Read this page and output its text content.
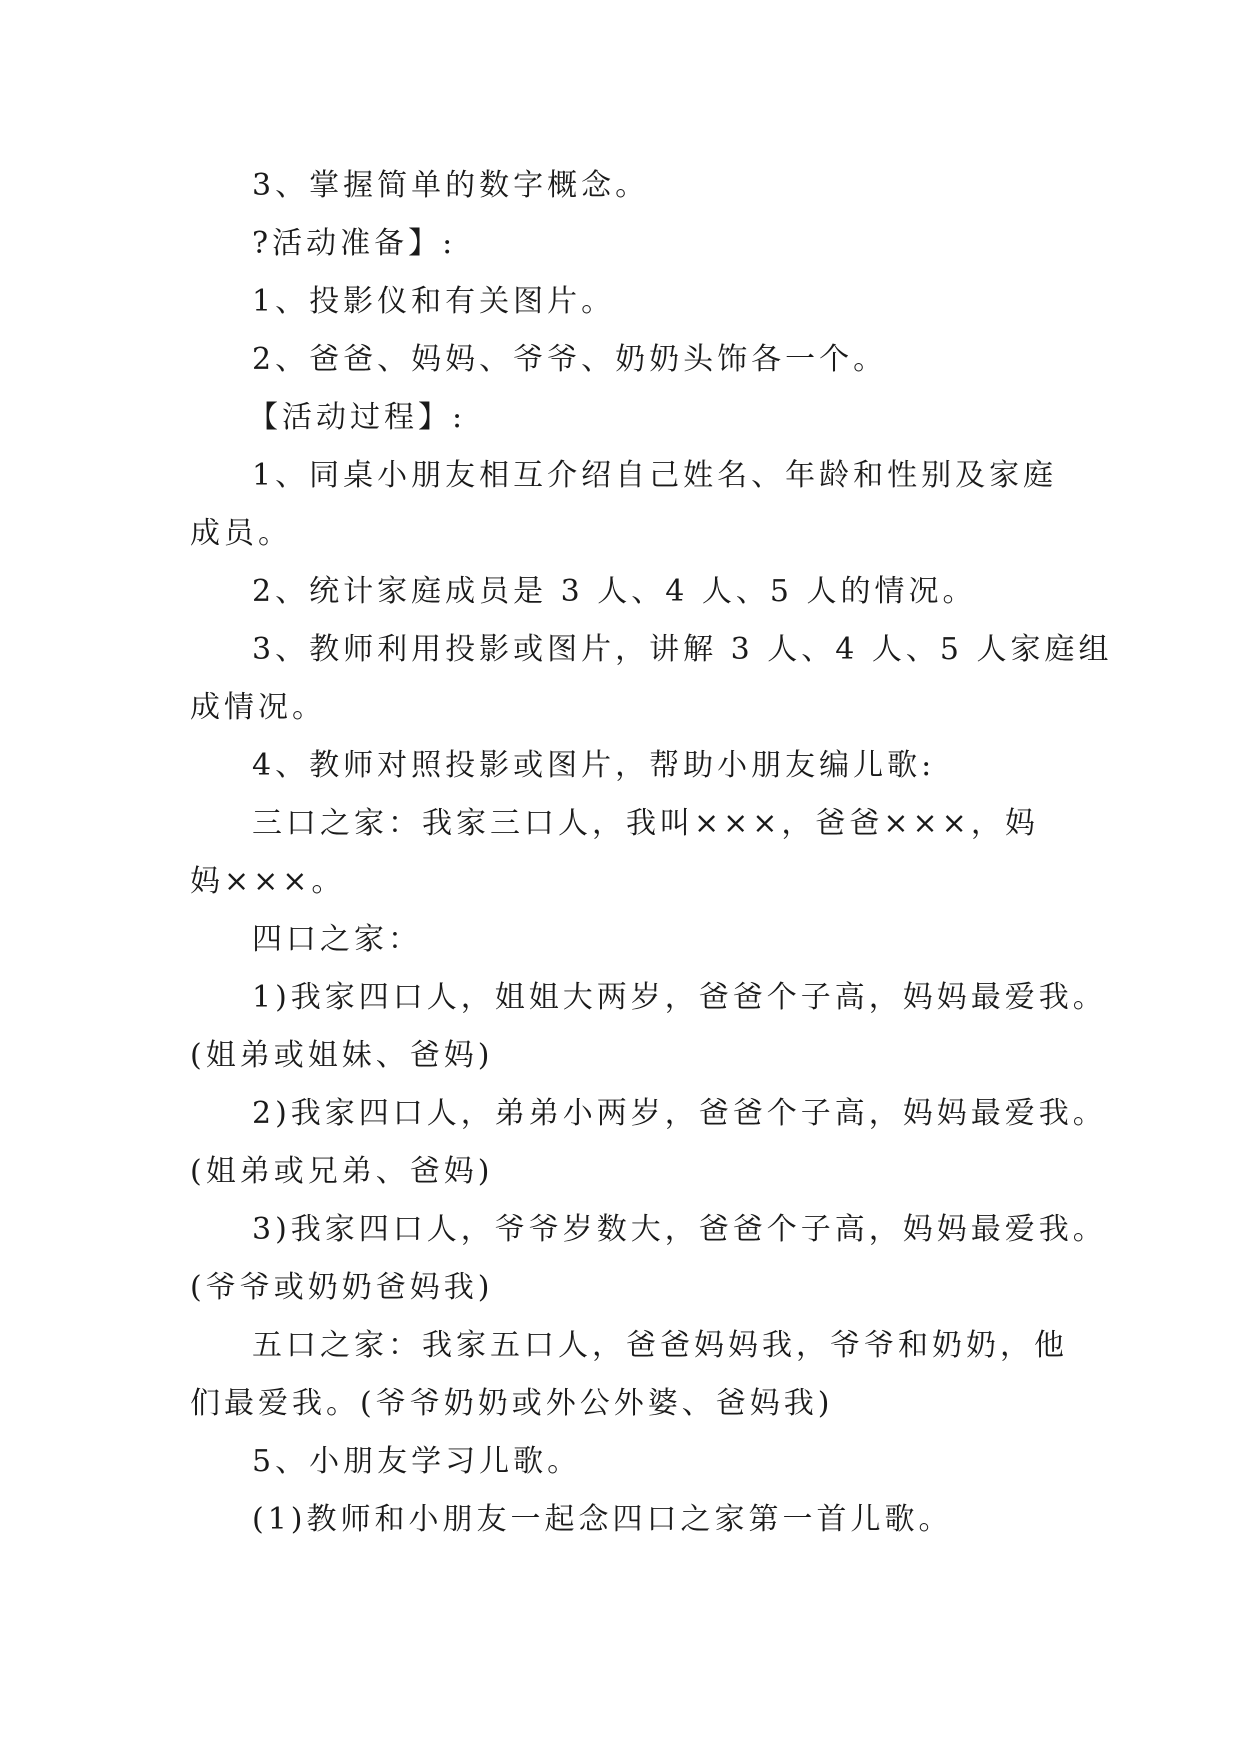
3、掌握简单的数字概念。
?活动准备】:
1、投影仪和有关图片。
2、爸爸、妈妈、爷爷、奶奶头饰各一个。
【活动过程】:
1、同桌小朋友相互介绍自己姓名、年龄和性别及家庭
成员。
2、统计家庭成员是 3 人、4 人、5 人的情况。
3、教师利用投影或图片，讲解 3 人、4 人、5 人家庭组
成情况。
4、教师对照投影或图片，帮助小朋友编儿歌:
三口之家：我家三口人，我叫×××，爸爸×××，妈
妈×××。
四口之家：
1)我家四口人，姐姐大两岁，爸爸个子高，妈妈最爱我。
(姐弟或姐妹、爸妈)
2)我家四口人，弟弟小两岁，爸爸个子高，妈妈最爱我。
(姐弟或兄弟、爸妈)
3)我家四口人，爷爷岁数大，爸爸个子高，妈妈最爱我。
(爷爷或奶奶爸妈我)
五口之家：我家五口人，爸爸妈妈我，爷爷和奶奶，他
们最爱我。(爷爷奶奶或外公外婆、爸妈我)
5、小朋友学习儿歌。
(1)教师和小朋友一起念四口之家第一首儿歌。
